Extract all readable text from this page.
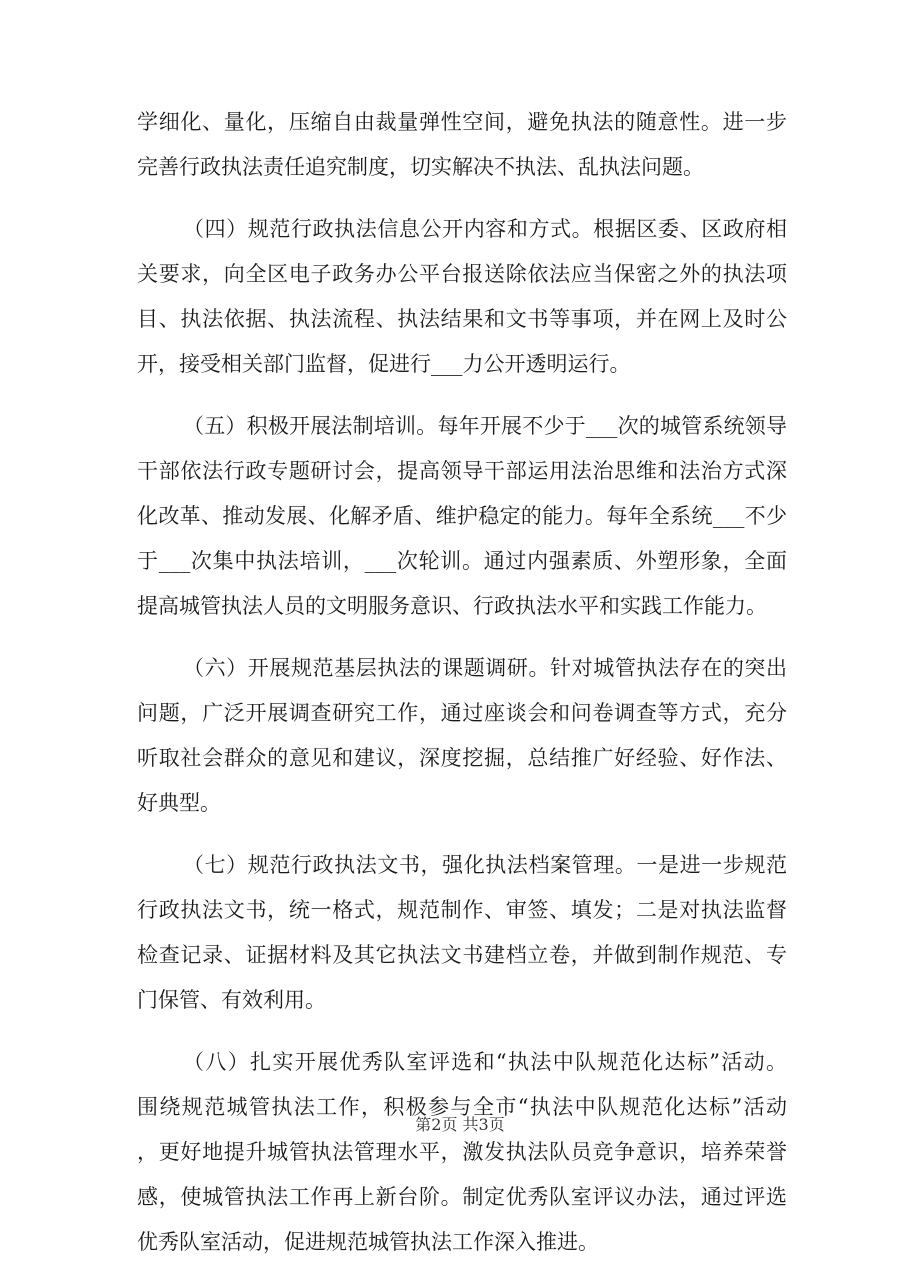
学细化、量化，压缩自由裁量弹性空间，避免执法的随意性。进一步
完善行政执法责任追究制度，切实解决不执法、乱执法问题。
（四）规范行政执法信息公开内容和方式。根据区委、区政府相
关要求，向全区电子政务办公平台报送除依法应当保密之外的执法项
目、执法依据、执法流程、执法结果和文书等事项，并在网上及时公
开，接受相关部门监督，促进行___力公开透明运行。
（五）积极开展法制培训。每年开展不少于___次的城管系统领导
干部依法行政专题研讨会，提高领导干部运用法治思维和法治方式深
化改革、推动发展、化解矛盾、维护稳定的能力。每年全系统___不少
于___次集中执法培训，___次轮训。通过内强素质、外塑形象，全面
提高城管执法人员的文明服务意识、行政执法水平和实践工作能力。
（六）开展规范基层执法的课题调研。针对城管执法存在的突出
问题，广泛开展调查研究工作，通过座谈会和问卷调查等方式，充分
听取社会群众的意见和建议，深度挖掘，总结推广好经验、好作法、
好典型。
（七）规范行政执法文书，强化执法档案管理。一是进一步规范
行政执法文书，统一格式，规范制作、审签、填发；二是对执法监督
检查记录、证据材料及其它执法文书建档立卷，并做到制作规范、专
门保管、有效利用。
（八）扎实开展优秀队室评选和“执法中队规范化达标”活动。
围绕规范城管执法工作，积极参与全市“执法中队规范化达标”活动
，更好地提升城管执法管理水平，激发执法队员竞争意识，培养荣誉
感，使城管执法工作再上新台阶。制定优秀队室评议办法，通过评选
优秀队室活动，促进规范城管执法工作深入推进。
第2页 共3页
